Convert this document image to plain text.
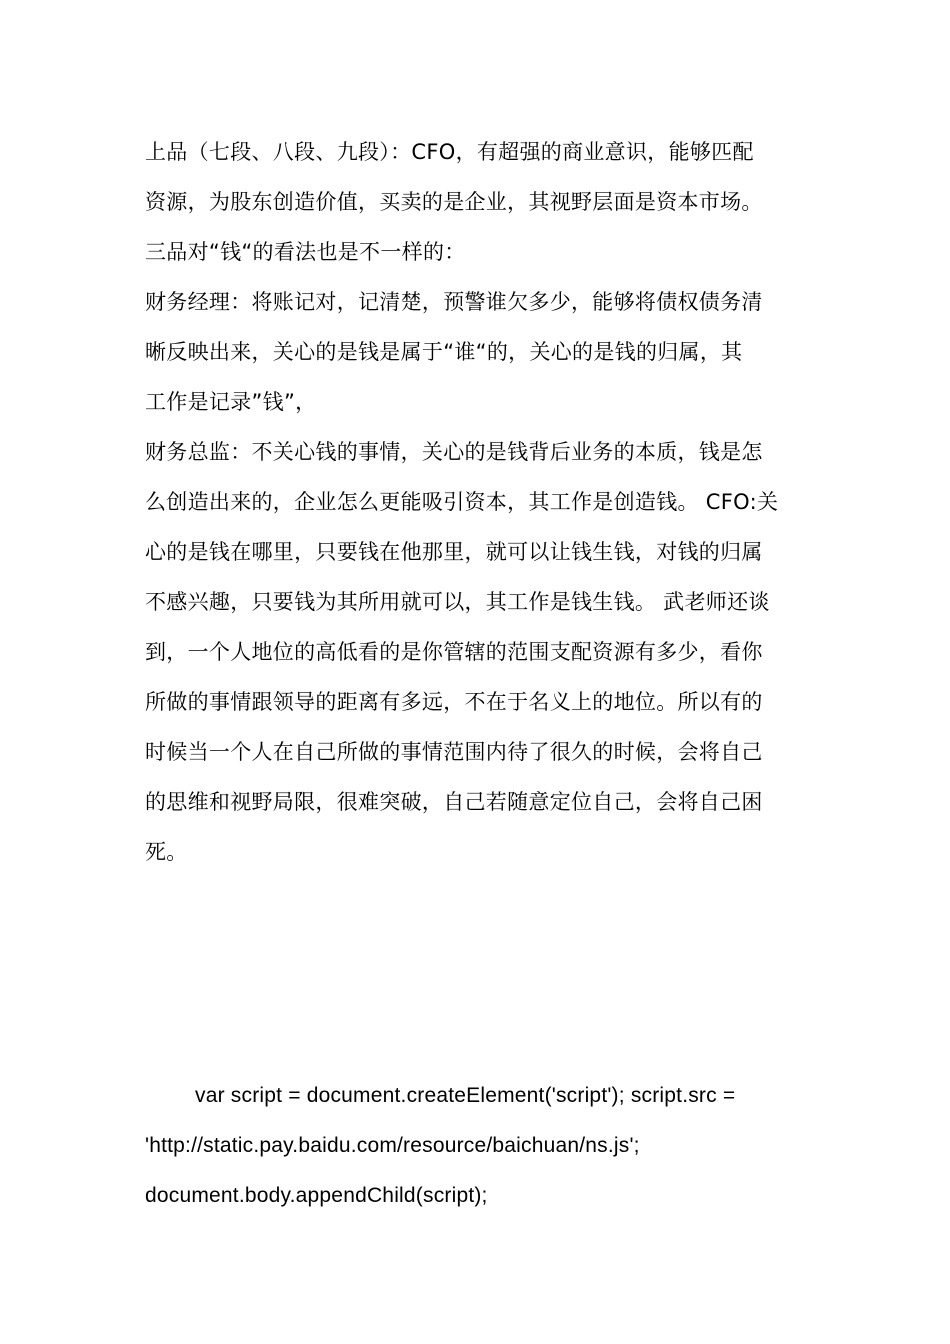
上品（七段、八段、九段）：CFO，有超强的商业意识，能够匹配
资源，为股东创造价值，买卖的是企业，其视野层面是资本市场。
三品对“钱“的看法也是不一样的：
财务经理：将账记对，记清楚，预警谁欠多少，能够将债权债务清
晰反映出来，关心的是钱是属于“谁“的，关心的是钱的归属，其
工作是记录”钱”，
财务总监：不关心钱的事情，关心的是钱背后业务的本质，钱是怎
么创造出来的，企业怎么更能吸引资本，其工作是创造钱。 CFO:关
心的是钱在哪里，只要钱在他那里，就可以让钱生钱，对钱的归属
不感兴趣，只要钱为其所用就可以，其工作是钱生钱。 武老师还谈
到，一个人地位的高低看的是你管辖的范围支配资源有多少，看你
所做的事情跟领导的距离有多远，不在于名义上的地位。所以有的
时候当一个人在自己所做的事情范围内待了很久的时候，会将自己
的思维和视野局限，很难突破，自己若随意定位自己，会将自己困
死。
var script = document.createElement('script'); script.src =
'http://static.pay.baidu.com/resource/baichuan/ns.js';
document.body.appendChild(script);
